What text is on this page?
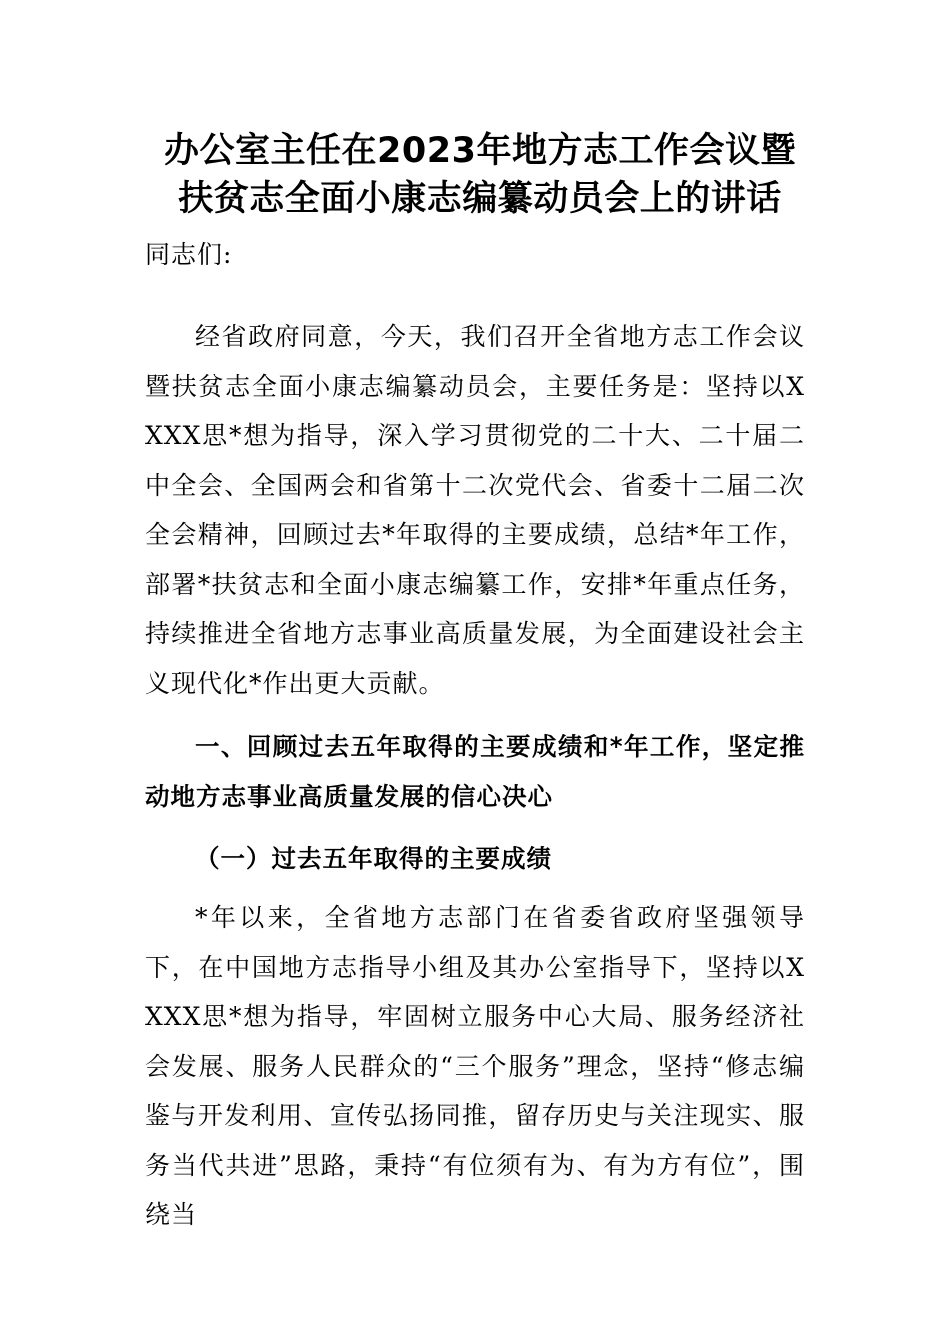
办公室主任在2023年地方志工作会议暨
扶贫志全面小康志编纂动员会上的讲话
同志们:
经省政府同意，今天，我们召开全省地方志工作会议暨扶贫志全面小康志编纂动员会，主要任务是：坚持以XXXX思*想为指导，深入学习贯彻党的二十大、二十届二中全会、全国两会和省第十二次党代会、省委十二届二次全会精神，回顾过去*年取得的主要成绩，总结*年工作，部署*扶贫志和全面小康志编纂工作，安排*年重点任务，持续推进全省地方志事业高质量发展，为全面建设社会主义现代化*作出更大贡献。
一、回顾过去五年取得的主要成绩和*年工作，坚定推动地方志事业高质量发展的信心决心
（一）过去五年取得的主要成绩
*年以来，全省地方志部门在省委省政府坚强领导下，在中国地方志指导小组及其办公室指导下，坚持以XXXX思*想为指导，牢固树立服务中心大局、服务经济社会发展、服务人民群众的“三个服务”理念，坚持“修志编鉴与开发利用、宣传弘扬同推，留存历史与关注现实、服务当代共进”思路，秉持“有位须有为、有为方有位”，围绕当
